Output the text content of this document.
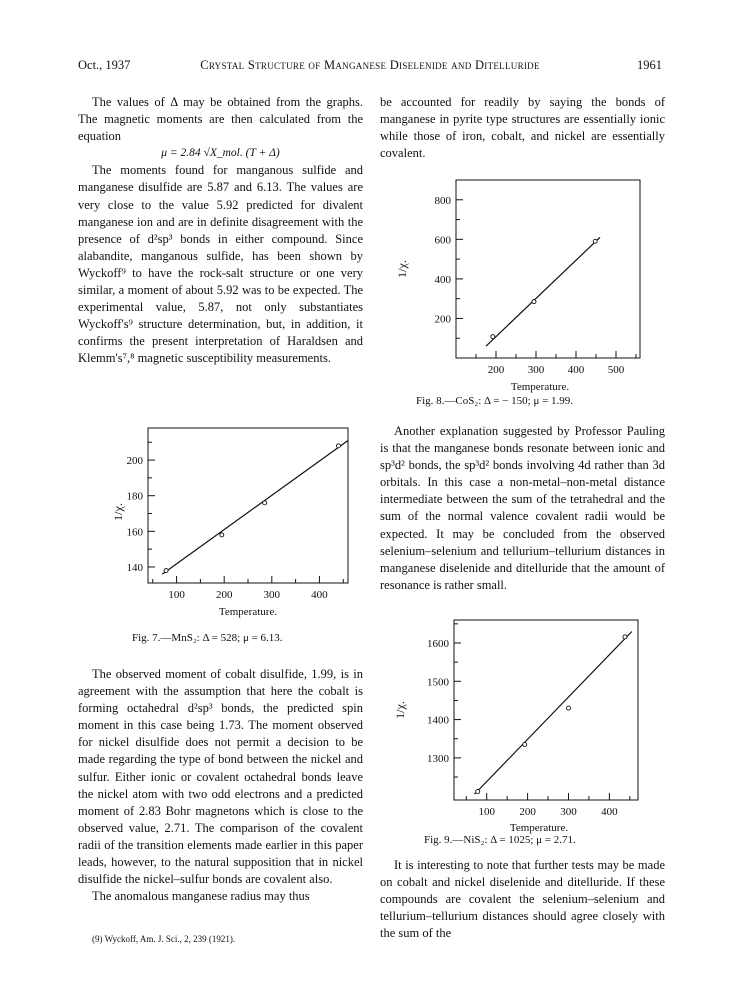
Oct., 1937	Crystal Structure of Manganese Diselenide and Ditelluride	1961

The values of Δ may be obtained from the graphs. The magnetic moments are then calculated from the equation

μ = 2.84 √X_mol. (T + Δ)

The moments found for manganous sulfide and manganese disulfide are 5.87 and 6.13. The values are very close to the value 5.92 predicted for divalent manganese ion and are in definite disagreement with the presence of d²sp³ bonds in either compound. Since alabandite, manganous sulfide, has been shown by Wyckoff⁹ to have the rock-salt structure or one very similar, a moment of about 5.92 was to be expected. The experimental value, 5.87, not only substantiates Wyckoff's⁹ structure determination, but, in addition, it confirms the present interpretation of Haraldsen and Klemm's⁷,⁸ magnetic susceptibility measurements.

The observed moment of cobalt disulfide, 1.99, is in agreement with the assumption that here the cobalt is forming octahedral d²sp³ bonds, the predicted spin moment in this case being 1.73. The moment observed for nickel disulfide does not permit a decision to be made regarding the type of bond between the nickel and sulfur. Either ionic or covalent octahedral bonds leave the nickel atom with two odd electrons and a predicted moment of 2.83 Bohr magnetons which is close to the observed value, 2.71. The comparison of the covalent radii of the transition elements made earlier in this paper leads, however, to the natural supposition that in nickel disulfide the nickel–sulfur bonds are covalent also.

The anomalous manganese radius may thus

(9) Wyckoff, Am. J. Sci., 2, 239 (1921).

be accounted for readily by saying the bonds of manganese in pyrite type structures are essentially ionic while those of iron, cobalt, and nickel are essentially covalent.

Another explanation suggested by Professor Pauling is that the manganese bonds resonate between ionic and sp³d² bonds, the sp³d² bonds involving 4d rather than 3d orbitals. In this case a non-metal–non-metal distance intermediate between the sum of the tetrahedral and the sum of the normal valence covalent radii would be expected. It may be concluded from the observed selenium–selenium and tellurium–tellurium distances in manganese diselenide and ditelluride that the amount of resonance is rather small.

It is interesting to note that further tests may be made on cobalt and nickel diselenide and ditelluride. If these compounds are covalent the selenium–selenium and tellurium–tellurium distances should agree closely with the sum of the

1/χ.
Temperature.
100	200	300	400
140
160
180
200
Fig. 7.—MnS₂: Δ = 528; μ = 6.13.
1/χ.
Temperature.
200 300 400 500
200
400
600
800
Fig. 8.—CoS₂: Δ = − 150; μ = 1.99.
1/χ.
Temperature.
100 200 300 400
1300
1400
1500
1600
Fig. 9.—NiS₂: Δ = 1025; μ = 2.71.
